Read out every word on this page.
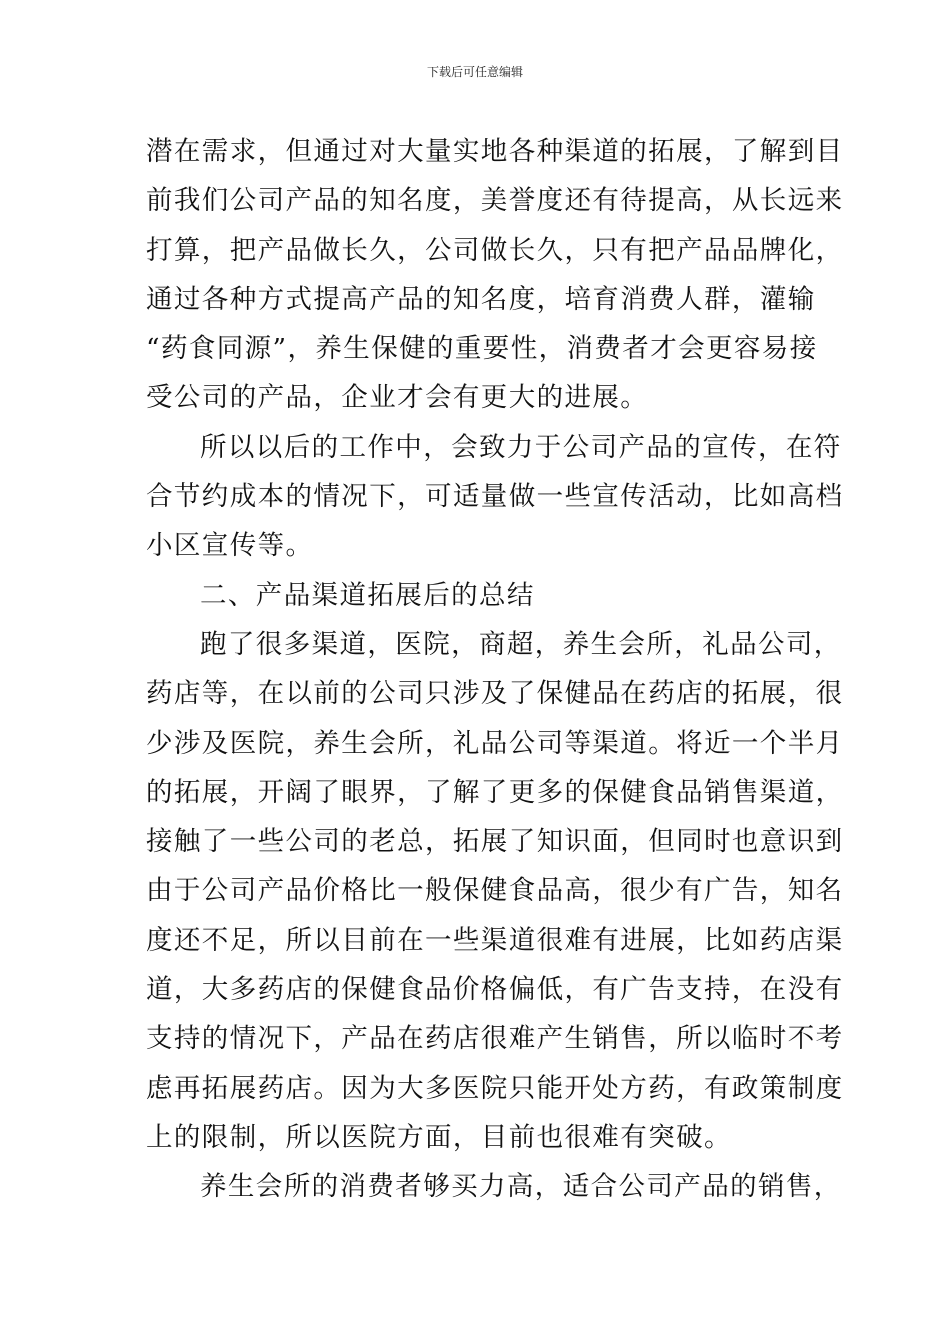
下载后可任意编辑
潜在需求，但通过对大量实地各种渠道的拓展，了解到目
前我们公司产品的知名度，美誉度还有待提高，从长远来
打算，把产品做长久，公司做长久，只有把产品品牌化，
通过各种方式提高产品的知名度，培育消费人群，灌输
“药食同源”，养生保健的重要性，消费者才会更容易接
受公司的产品，企业才会有更大的进展。
所以以后的工作中，会致力于公司产品的宣传，在符
合节约成本的情况下，可适量做一些宣传活动，比如高档
小区宣传等。
二、产品渠道拓展后的总结
跑了很多渠道，医院，商超，养生会所，礼品公司，
药店等，在以前的公司只涉及了保健品在药店的拓展，很
少涉及医院，养生会所，礼品公司等渠道。将近一个半月
的拓展，开阔了眼界，了解了更多的保健食品销售渠道，
接触了一些公司的老总，拓展了知识面，但同时也意识到
由于公司产品价格比一般保健食品高，很少有广告，知名
度还不足，所以目前在一些渠道很难有进展，比如药店渠
道，大多药店的保健食品价格偏低，有广告支持，在没有
支持的情况下，产品在药店很难产生销售，所以临时不考
虑再拓展药店。因为大多医院只能开处方药，有政策制度
上的限制，所以医院方面，目前也很难有突破。
养生会所的消费者够买力高，适合公司产品的销售，
